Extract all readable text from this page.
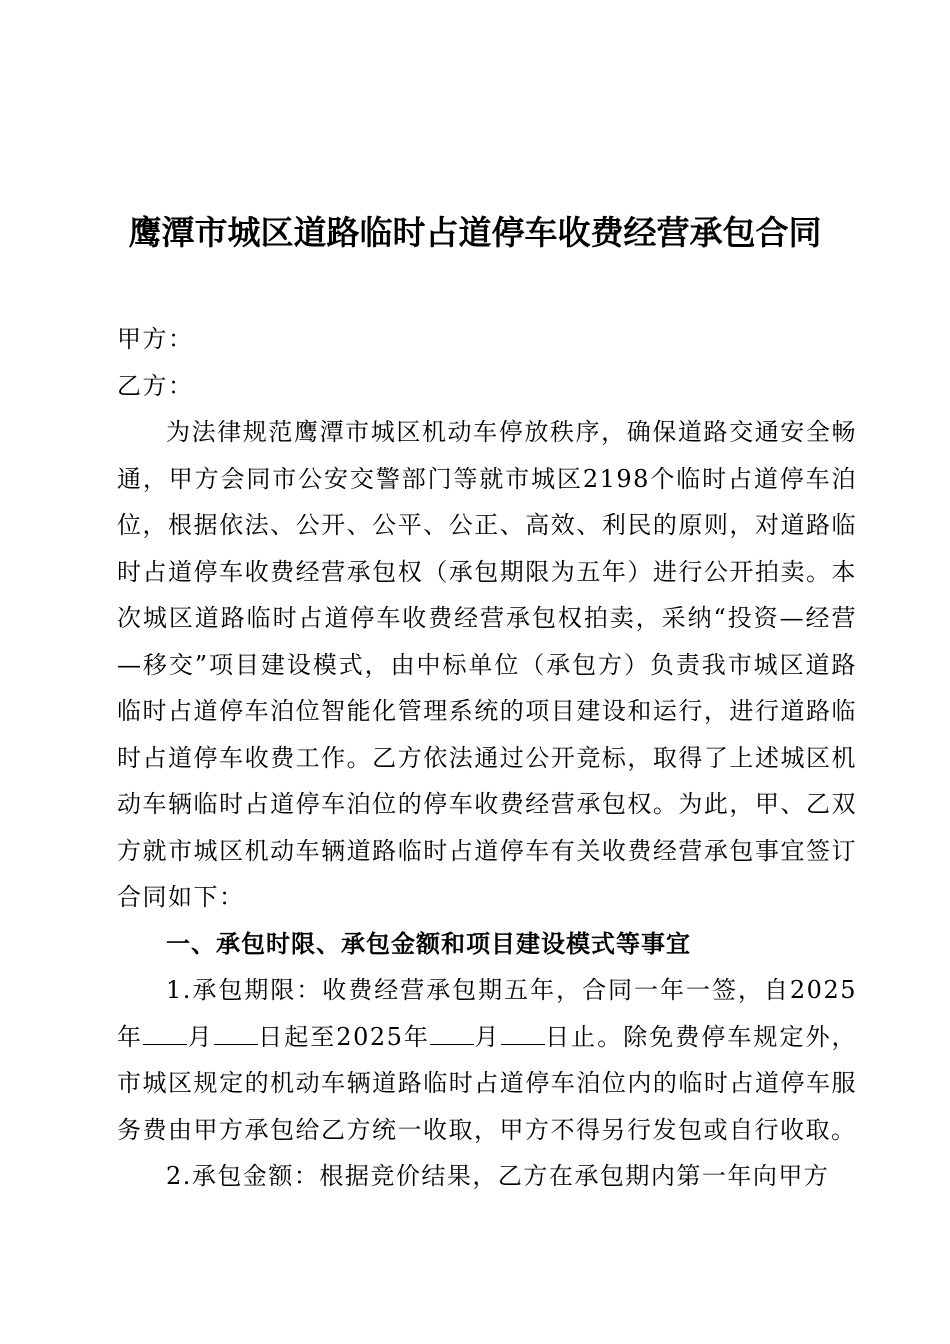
鹰潭市城区道路临时占道停车收费经营承包合同

甲方：

乙方：

为法律规范鹰潭市城区机动车停放秩序，确保道路交通安全畅通，甲方会同市公安交警部门等就市城区2198个临时占道停车泊位，根据依法、公开、公平、公正、高效、利民的原则，对道路临时占道停车收费经营承包权（承包期限为五年）进行公开拍卖。本次城区道路临时占道停车收费经营承包权拍卖，采纳“投资—经营—移交”项目建设模式，由中标单位（承包方）负责我市城区道路临时占道停车泊位智能化管理系统的项目建设和运行，进行道路临时占道停车收费工作。乙方依法通过公开竞标，取得了上述城区机动车辆临时占道停车泊位的停车收费经营承包权。为此，甲、乙双方就市城区机动车辆道路临时占道停车有关收费经营承包事宜签订合同如下：

一、承包时限、承包金额和项目建设模式等事宜

1.承包期限：收费经营承包期五年，合同一年一签，自2025年 月 日起至2025年 月 日止。除免费停车规定外，市城区规定的机动车辆道路临时占道停车泊位内的临时占道停车服务费由甲方承包给乙方统一收取，甲方不得另行发包或自行收取。

2.承包金额：根据竞价结果，乙方在承包期内第一年向甲方
